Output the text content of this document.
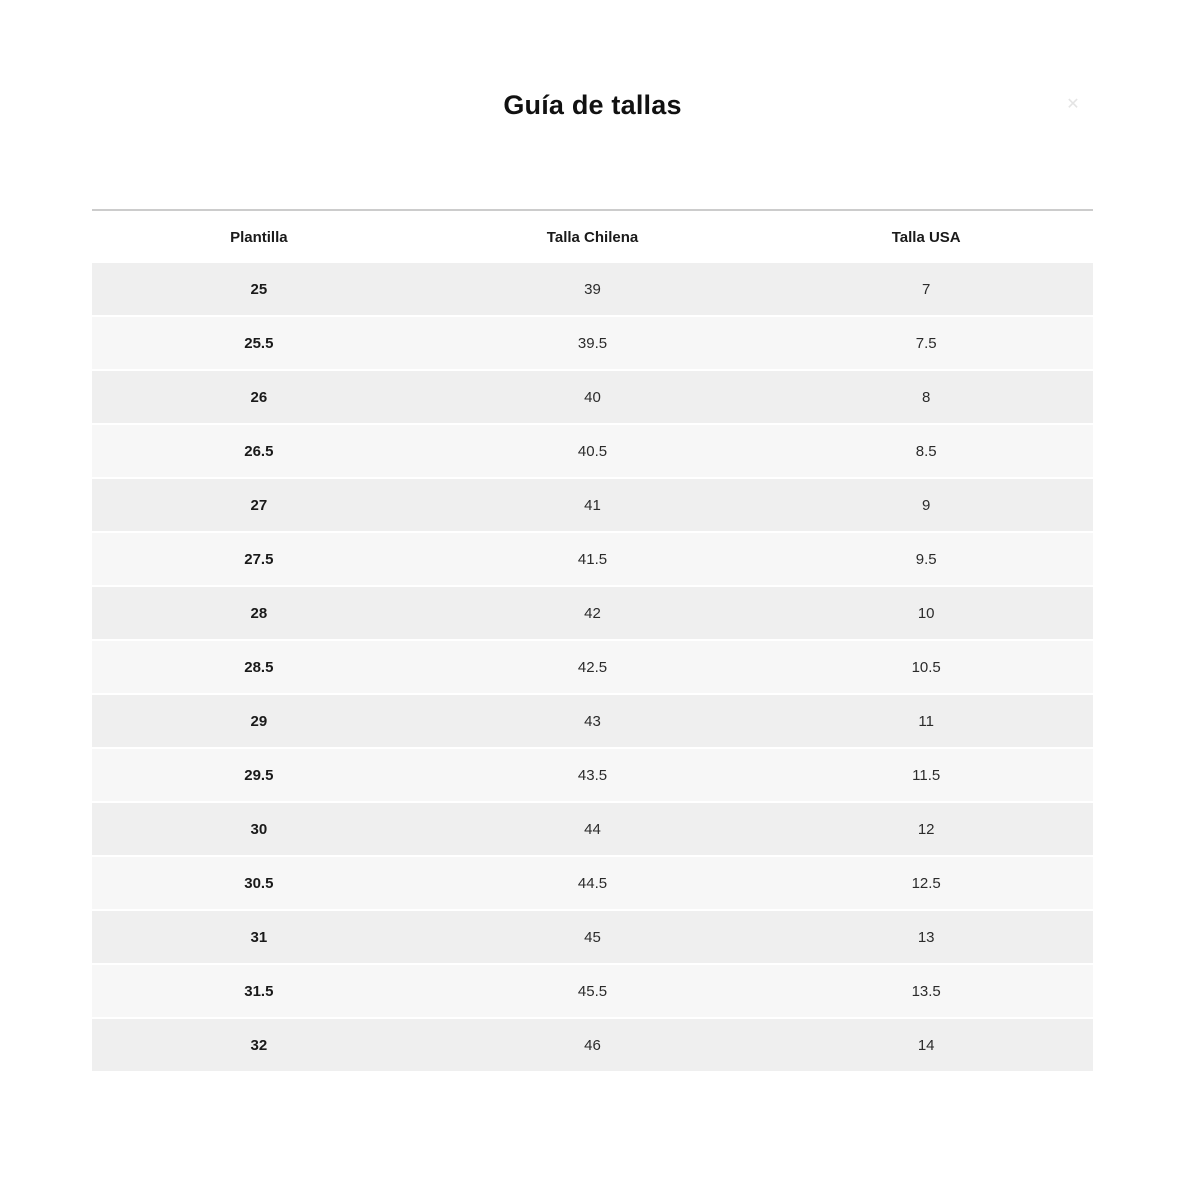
Guía de tallas	✕
Plantilla	Talla Chilena	Talla USA
25	39	7
25.5	39.5	7.5
26	40	8
26.5	40.5	8.5
27	41	9
27.5	41.5	9.5
28	42	10
28.5	42.5	10.5
29	43	11
29.5	43.5	11.5
30	44	12
30.5	44.5	12.5
31	45	13
31.5	45.5	13.5
32	46	14
